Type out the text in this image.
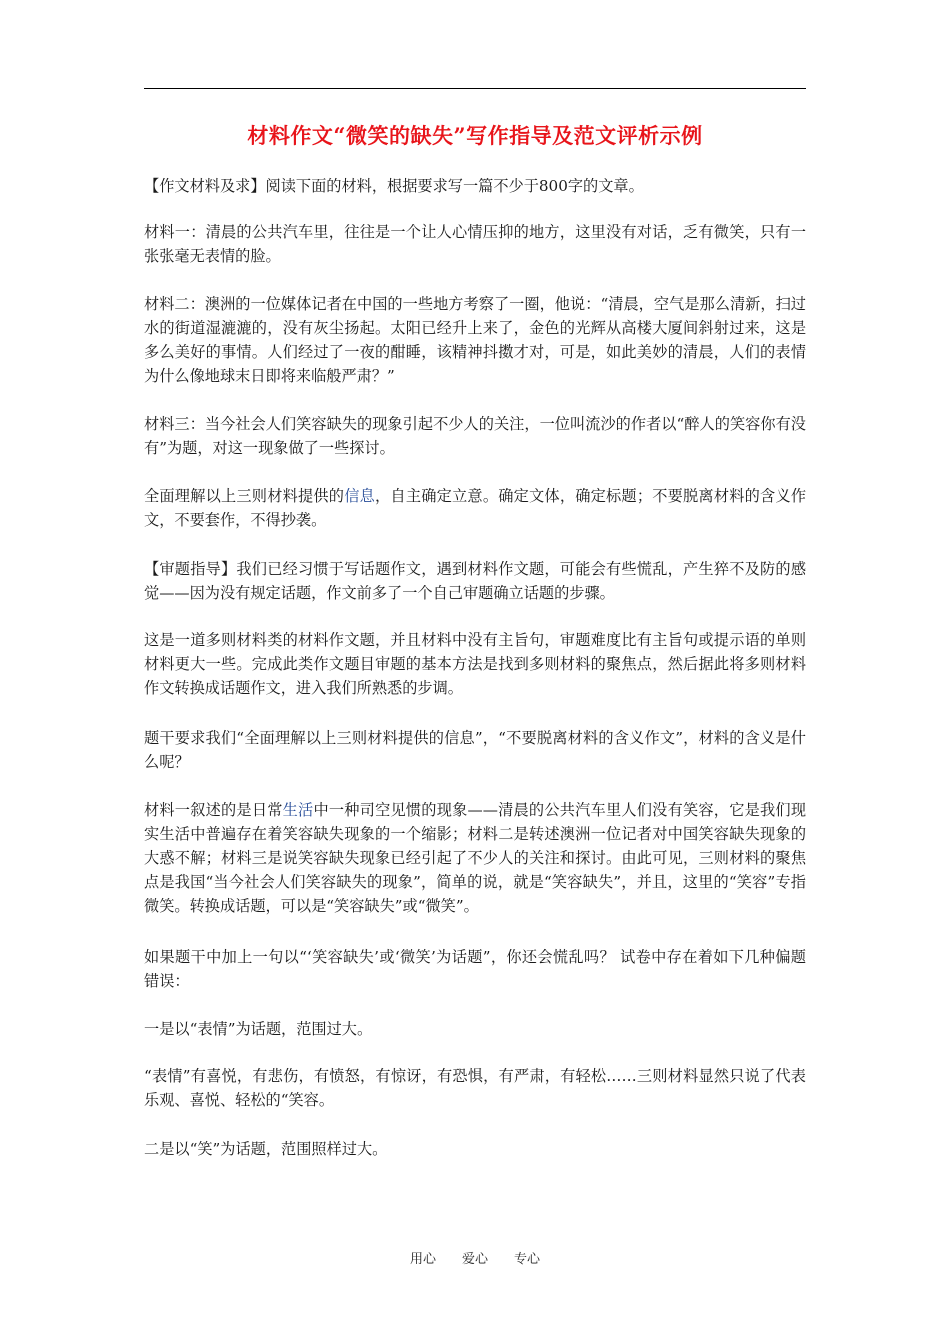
材料作文“微笑的缺失”写作指导及范文评析示例

【作文材料及求】阅读下面的材料，根据要求写一篇不少于800字的文章。

材料一：清晨的公共汽车里，往往是一个让人心情压抑的地方，这里没有对话，乏有微笑，只有一张张毫无表情的脸。

材料二：澳洲的一位媒体记者在中国的一些地方考察了一圈，他说：“清晨，空气是那么清新，扫过水的街道湿漉漉的，没有灰尘扬起。太阳已经升上来了，金色的光辉从高楼大厦间斜射过来，这是多么美好的事情。人们经过了一夜的酣睡，该精神抖擞才对，可是，如此美妙的清晨，人们的表情为什么像地球末日即将来临般严肃？”

材料三：当今社会人们笑容缺失的现象引起不少人的关注，一位叫流沙的作者以“醉人的笑容你有没有”为题，对这一现象做了一些探讨。

全面理解以上三则材料提供的信息，自主确定立意。确定文体，确定标题；不要脱离材料的含义作文，不要套作，不得抄袭。

【审题指导】我们已经习惯于写话题作文，遇到材料作文题，可能会有些慌乱，产生猝不及防的感觉——因为没有规定话题，作文前多了一个自己审题确立话题的步骤。

这是一道多则材料类的材料作文题，并且材料中没有主旨句，审题难度比有主旨句或提示语的单则材料更大一些。完成此类作文题目审题的基本方法是找到多则材料的聚焦点，然后据此将多则材料作文转换成话题作文，进入我们所熟悉的步调。

题干要求我们“全面理解以上三则材料提供的信息”，“不要脱离材料的含义作文”，材料的含义是什么呢？

材料一叙述的是日常生活中一种司空见惯的现象——清晨的公共汽车里人们没有笑容，它是我们现实生活中普遍存在着笑容缺失现象的一个缩影；材料二是转述澳洲一位记者对中国笑容缺失现象的大惑不解；材料三是说笑容缺失现象已经引起了不少人的关注和探讨。由此可见，三则材料的聚焦点是我国“当今社会人们笑容缺失的现象”，简单的说，就是“笑容缺失”，并且，这里的“笑容”专指微笑。转换成话题，可以是“笑容缺失”或“微笑”。

如果题干中加上一句以“‘笑容缺失’或‘微笑’为话题”，你还会慌乱吗？ 试卷中存在着如下几种偏题错误：

一是以“表情”为话题，范围过大。

“表情”有喜悦，有悲伤，有愤怒，有惊讶，有恐惧，有严肃，有轻松……三则材料显然只说了代表乐观、喜悦、轻松的“笑容。

二是以“笑”为话题，范围照样过大。

用心　　爱心　　专心
